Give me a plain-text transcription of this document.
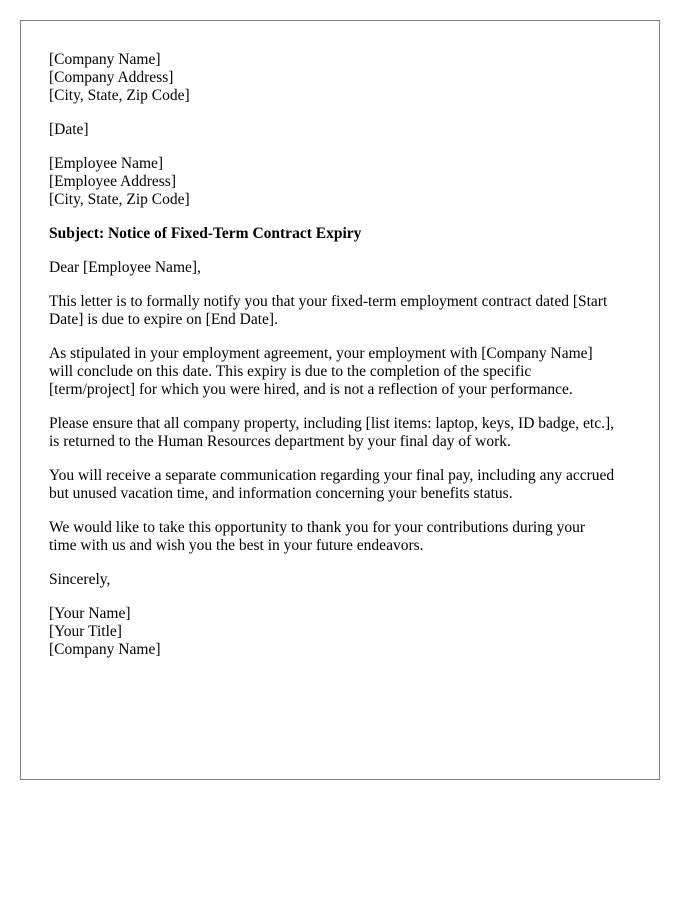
[Company Name]
[Company Address]
[City, State, Zip Code]
[Date]
[Employee Name]
[Employee Address]
[City, State, Zip Code]
Subject: Notice of Fixed-Term Contract Expiry

Dear [Employee Name],

This letter is to formally notify you that your fixed-term employment contract dated [Start
Date] is due to expire on [End Date].

As stipulated in your employment agreement, your employment with [Company Name]
will conclude on this date. This expiry is due to the completion of the specific
[term/project] for which you were hired, and is not a reflection of your performance.

Please ensure that all company property, including [list items: laptop, keys, ID badge, etc.],
is returned to the Human Resources department by your final day of work.

You will receive a separate communication regarding your final pay, including any accrued
but unused vacation time, and information concerning your benefits status.

We would like to take this opportunity to thank you for your contributions during your
time with us and wish you the best in your future endeavors.

Sincerely,

[Your Name]
[Your Title]
[Company Name]
